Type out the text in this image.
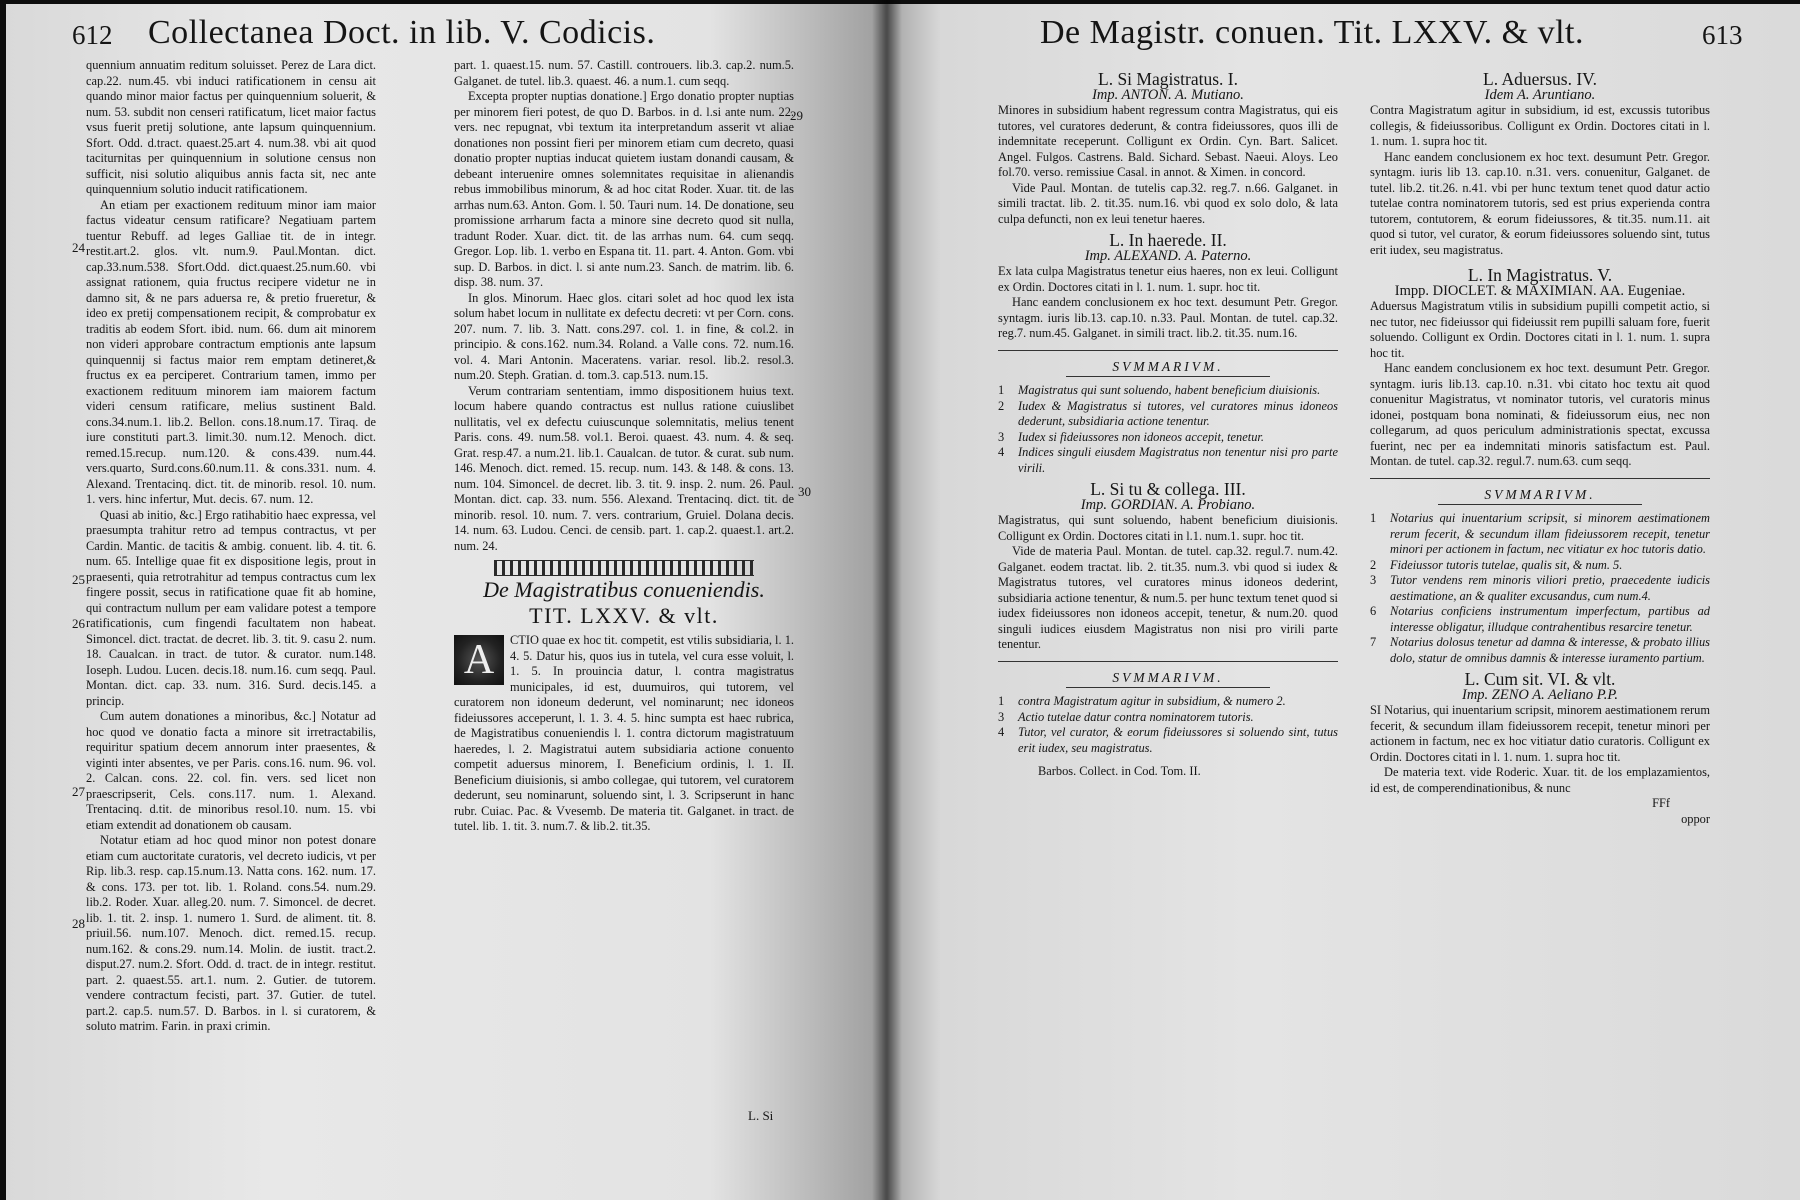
612 Collectanea Doct. in lib. V. Codicis.

quennium annuatim reditum soluisset. Perez de Lara dict. cap.22. num.45. vbi induci ratificationem in censu ait quando minor maior factus per quinquennium soluerit, & num. 53. subdit non censeri ratificatum, licet maior factus vsus fuerit pretij solutione, ante lapsum quinquennium. Sfort. Odd. d.tract. quaest.25.art 4. num.38. vbi ait quod taciturnitas per quinquennium in solutione census non sufficit, nisi solutio aliquibus annis facta sit, nec ante quinquennium solutio inducit ratificationem.

An etiam per exactionem redituum minor iam maior factus videatur censum ratificare? Negatiuam partem tuentur Rebuff. ad leges Galliae tit. de in integr. restit.art.2. glos. vlt. num.9. Paul.Montan. dict. cap.33.num.538. Sfort.Odd. dict.quaest.25.num.60. vbi assignat rationem, quia fructus recipere videtur ne in damno sit, & ne pars aduersa re, & pretio frueretur, & ideo ex pretij compensationem recipit, & comprobatur ex traditis ab eodem Sfort. ibid. num. 66. dum ait minorem non videri approbare contractum emptionis ante lapsum quinquennij si factus maior rem emptam detineret,& fructus ex ea perciperet. Contrarium tamen, immo per exactionem redituum minorem iam maiorem factum videri censum ratificare, melius sustinent Bald. cons.34.num.1. lib.2. Bellon. cons.18.num.17. Tiraq. de iure constituti part.3. limit.30. num.12. Menoch. dict. remed.15.recup. num.120. & cons.439. num.44. vers.quarto, Surd.cons.60.num.11. & cons.331. num. 4. Alexand. Trentacinq. dict. tit. de minorib. resol. 10. num. 1. vers. hinc infertur, Mut. decis. 67. num. 12.

Quasi ab initio, &c.] Ergo ratihabitio haec expressa, vel praesumpta trahitur retro ad tempus contractus, vt per Cardin. Mantic. de tacitis & ambig. conuent. lib. 4. tit. 6. num. 65. Intellige quae fit ex dispositione legis, prout in praesenti, quia retrotrahitur ad tempus contractus cum lex fingere possit, secus in ratificatione quae fit ab homine, qui contractum nullum per eam validare potest a tempore ratificationis, cum fingendi facultatem non habeat. Simoncel. dict. tractat. de decret. lib. 3. tit. 9. casu 2. num. 18. Caualcan. in tract. de tutor. & curator. num.148. Ioseph. Ludou. Lucen. decis.18. num.16. cum seqq. Paul. Montan. dict. cap. 33. num. 316. Surd. decis.145. a princip.

Cum autem donationes a minoribus, &c.] Notatur ad hoc quod ve donatio facta a minore sit irretractabilis, requiritur spatium decem annorum inter praesentes, & viginti inter absentes, ve per Paris. cons.16. num. 96. vol. 2. Calcan. cons. 22. col. fin. vers. sed licet non praescripserit, Cels. cons.117. num. 1. Alexand. Trentacinq. d.tit. de minoribus resol.10. num. 15. vbi etiam extendit ad donationem ob causam.

Notatur etiam ad hoc quod minor non potest donare etiam cum auctoritate curatoris, vel decreto iudicis, vt per Rip. lib.3. resp. cap.15.num.13. Natta cons. 162. num. 17. & cons. 173. per tot. lib. 1. Roland. cons.54. num.29. lib.2. Roder. Xuar. alleg.20. num. 7. Simoncel. de decret. lib. 1. tit. 2. insp. 1. numero 1. Surd. de aliment. tit. 8. priuil.56. num.107. Menoch. dict. remed.15. recup. num.162. & cons.29. num.14. Molin. de iustit. tract.2. disput.27. num.2. Sfort. Odd. d. tract. de in integr. restitut. part. 2. quaest.55. art.1. num. 2. Gutier. de tutorem. vendere contractum fecisti, part. 37. Gutier. de tutel. part.2. cap.5. num.57. D. Barbos. in l. si curatorem, & soluto matrim. Farin. in praxi crimin.

24
25
26
27
28

part. 1. quaest.15. num. 57. Castill. controuers. lib.3. cap.2. num.5. Galganet. de tutel. lib.3. quaest. 46. a num.1. cum seqq.

Excepta propter nuptias donatione.] Ergo donatio propter nuptias per minorem fieri potest, de quo D. Barbos. in d. l.si ante num. 22. vers. nec repugnat, vbi textum ita interpretandum asserit vt aliae donationes non possint fieri per minorem etiam cum decreto, quasi donatio propter nuptias inducat quietem iustam donandi causam, & debeant interuenire omnes solemnitates requisitae in alienandis rebus immobilibus minorum, & ad hoc citat Roder. Xuar. tit. de las arrhas num.63. Anton. Gom. l. 50. Tauri num. 14. De donatione, seu promissione arrharum facta a minore sine decreto quod sit nulla, tradunt Roder. Xuar. dict. tit. de las arrhas num. 64. cum seqq. Gregor. Lop. lib. 1. verbo en Espana tit. 11. part. 4. Anton. Gom. vbi sup. D. Barbos. in dict. l. si ante num.23. Sanch. de matrim. lib. 6. disp. 38. num. 37.

In glos. Minorum. Haec glos. citari solet ad hoc quod lex ista solum habet locum in nullitate ex defectu decreti: vt per Corn. cons. 207. num. 7. lib. 3. Natt. cons.297. col. 1. in fine, & col.2. in principio. & cons.162. num.34. Roland. a Valle cons. 72. num.16. vol. 4. Mari Antonin. Maceratens. variar. resol. lib.2. resol.3. num.20. Steph. Gratian. d. tom.3. cap.513. num.15.

Verum contrariam sententiam, immo dispositionem huius text. locum habere quando contractus est nullus ratione cuiuslibet nullitatis, vel ex defectu cuiuscunque solemnitatis, melius tenent Paris. cons. 49. num.58. vol.1. Beroi. quaest. 43. num. 4. & seq. Grat. resp.47. a num.21. lib.1. Caualcan. de tutor. & curat. sub num. 146. Menoch. dict. remed. 15. recup. num. 143. & 148. & cons. 13. num. 104. Simoncel. de decret. lib. 3. tit. 9. insp. 2. num. 26. Paul. Montan. dict. cap. 33. num. 556. Alexand. Trentacinq. dict. tit. de minorib. resol. 10. num. 7. vers. contrarium, Gruiel. Dolana decis. 14. num. 63. Ludou. Cenci. de censib. part. 1. cap.2. quaest.1. art.2. num. 24.

De Magistratibus conueniendis.
TIT. LXXV. & vlt.

A	CTIO quae ex hoc tit. competit, est vtilis subsidiaria, l. 1. 4. 5. Datur his, quos ius in tutela, vel cura esse voluit, l. 1. 5. In prouincia datur, l. contra magistratus municipales, id est, duumuiros, qui tutorem, vel curatorem non idoneum dederunt, vel nominarunt; nec idoneos fideiussores acceperunt, l. 1. 3. 4. 5. hinc sumpta est haec rubrica, de Magistratibus conueniendis l. 1. contra dictorum magistratuum haeredes, l. 2. Magistratui autem subsidiaria actione conuento competit aduersus minorem, I. Beneficium ordinis, l. 1. II. Beneficium diuisionis, si ambo collegae, qui tutorem, vel curatorem dederunt, seu nominarunt, soluendo sint, l. 3. Scripserunt in hanc rubr. Cuiac. Pac. & Vvesemb. De materia tit. Galganet. in tract. de tutel. lib. 1. tit. 3. num.7. & lib.2. tit.35.

29
30
L. Si
De Magistr. conuen. Tit. LXXV. & vlt.	613
L. Si Magistratus. I.
Imp. ANTON. A. Mutiano.

Minores in subsidium habent regressum contra Magistratus, qui eis tutores, vel curatores dederunt, & contra fideiussores, quos illi de indemnitate receperunt. Colligunt ex Ordin. Cyn. Bart. Salicet. Angel. Fulgos. Castrens. Bald. Sichard. Sebast. Naeui. Aloys. Leo fol.70. verso. remissiue Casal. in annot. & Ximen. in concord.

Vide Paul. Montan. de tutelis cap.32. reg.7. n.66. Galganet. in simili tractat. lib. 2. tit.35. num.16. vbi quod ex solo dolo, & lata culpa defuncti, non ex leui tenetur haeres.

L. In haerede. II.
Imp. ALEXAND. A. Paterno.

Ex lata culpa Magistratus tenetur eius haeres, non ex leui. Colligunt ex Ordin. Doctores citati in l. 1. num. 1. supr. hoc tit.

Hanc eandem conclusionem ex hoc text. desumunt Petr. Gregor. syntagm. iuris lib.13. cap.10. n.33. Paul. Montan. de tutel. cap.32. reg.7. num.45. Galganet. in simili tract. lib.2. tit.35. num.16.

SVMMARIVM.
1	Magistratus qui sunt soluendo, habent beneficium diuisionis.
2	Iudex & Magistratus si tutores, vel curatores minus idoneos dederunt, subsidiaria actione tenentur.
3	Iudex si fideiussores non idoneos accepit, tenetur.
4	Indices singuli eiusdem Magistratus non tenentur nisi pro parte virili.
L. Si tu & collega. III.
Imp. GORDIAN. A. Probiano.

Magistratus, qui sunt soluendo, habent beneficium diuisionis. Colligunt ex Ordin. Doctores citati in l.1. num.1. supr. hoc tit.

Vide de materia Paul. Montan. de tutel. cap.32. regul.7. num.42. Galganet. eodem tractat. lib. 2. tit.35. num.3. vbi quod si iudex & Magistratus tutores, vel curatores minus idoneos dederint, subsidiaria actione tenentur, & num.5. per hunc textum tenet quod si iudex fideiussores non idoneos accepit, tenetur, & num.20. quod singuli iudices eiusdem Magistratus non nisi pro virili parte tenentur.

SVMMARIVM.
1	contra Magistratum agitur in subsidium, & numero 2.
3	Actio tutelae datur contra nominatorem tutoris.
4	Tutor, vel curator, & eorum fideiussores si soluendo sint, tutus erit iudex, seu magistratus.
Barbos. Collect. in Cod. Tom. II.
L. Aduersus. IV.
Idem A. Aruntiano.

Contra Magistratum agitur in subsidium, id est, excussis tutoribus collegis, & fideiussoribus. Colligunt ex Ordin. Doctores citati in l. 1. num. 1. supra hoc tit.

Hanc eandem conclusionem ex hoc text. desumunt Petr. Gregor. syntagm. iuris lib 13. cap.10. n.31. vers. conuenitur, Galganet. de tutel. lib.2. tit.26. n.41. vbi per hunc textum tenet quod datur actio tutelae contra nominatorem tutoris, sed est prius experienda contra tutorem, contutorem, & eorum fideiussores, & tit.35. num.11. ait quod si tutor, vel curator, & eorum fideiussores soluendo sint, tutus erit iudex, seu magistratus.

L. In Magistratus. V.
Impp. DIOCLET. & MAXIMIAN. AA. Eugeniae.

Aduersus Magistratum vtilis in subsidium pupilli competit actio, si nec tutor, nec fideiussor qui fideiussit rem pupilli saluam fore, fuerit soluendo. Colligunt ex Ordin. Doctores citati in l. 1. num. 1. supra hoc tit.

Hanc eandem conclusionem ex hoc text. desumunt Petr. Gregor. syntagm. iuris lib.13. cap.10. n.31. vbi citato hoc textu ait quod conuenitur Magistratus, vt nominator tutoris, vel curatoris minus idonei, postquam bona nominati, & fideiussorum eius, nec non collegarum, ad quos periculum administrationis spectat, excussa fuerint, nec per ea indemnitati minoris satisfactum est. Paul. Montan. de tutel. cap.32. regul.7. num.63. cum seqq.

SVMMARIVM.
1	Notarius qui inuentarium scripsit, si minorem aestimationem rerum fecerit, & secundum illam fideiussorem recepit, tenetur minori per actionem in factum, nec vitiatur ex hoc tutoris datio.
2	Fideiussor tutoris tutelae, qualis sit, & num. 5.
3	Tutor vendens rem minoris viliori pretio, praecedente iudicis aestimatione, an & qualiter excusandus, cum num.4.
6	Notarius conficiens instrumentum imperfectum, partibus ad interesse obligatur, illudque contrahentibus resarcire tenetur.
7	Notarius dolosus tenetur ad damna & interesse, & probato illius dolo, statur de omnibus damnis & interesse iuramento partium.
L. Cum sit. VI. & vlt.
Imp. ZENO A. Aeliano P.P.

SI Notarius, qui inuentarium scripsit, minorem aestimationem rerum fecerit, & secundum illam fideiussorem recepit, tenetur minori per actionem in factum, nec ex hoc vitiatur datio curatoris. Colligunt ex Ordin. Doctores citati in l. 1. num. 1. supra hoc tit.

De materia text. vide Roderic. Xuar. tit. de los emplazamientos, id est, de comperendinationibus, & nunc

FFf
oppor
